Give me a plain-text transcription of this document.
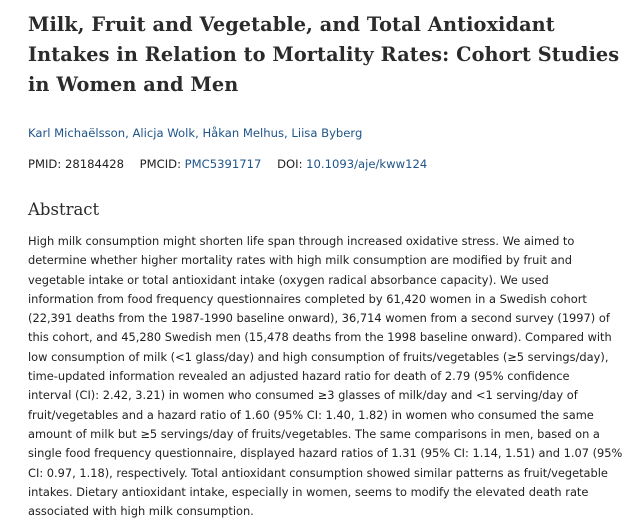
Milk, Fruit and Vegetable, and Total Antioxidant
Intakes in Relation to Mortality Rates: Cohort Studies
in Women and Men
Karl Michaëlsson, Alicja Wolk, Håkan Melhus, Liisa Byberg
PMID: 28184428 PMCID: PMC5391717 DOI: 10.1093/aje/kww124
Abstract
High milk consumption might shorten life span through increased oxidative stress. We aimed to
determine whether higher mortality rates with high milk consumption are modified by fruit and
vegetable intake or total antioxidant intake (oxygen radical absorbance capacity). We used
information from food frequency questionnaires completed by 61,420 women in a Swedish cohort
(22,391 deaths from the 1987-1990 baseline onward), 36,714 women from a second survey (1997) of
this cohort, and 45,280 Swedish men (15,478 deaths from the 1998 baseline onward). Compared with
low consumption of milk (<1 glass/day) and high consumption of fruits/vegetables (≥5 servings/day),
time-updated information revealed an adjusted hazard ratio for death of 2.79 (95% confidence
interval (CI): 2.42, 3.21) in women who consumed ≥3 glasses of milk/day and <1 serving/day of
fruit/vegetables and a hazard ratio of 1.60 (95% CI: 1.40, 1.82) in women who consumed the same
amount of milk but ≥5 servings/day of fruits/vegetables. The same comparisons in men, based on a
single food frequency questionnaire, displayed hazard ratios of 1.31 (95% CI: 1.14, 1.51) and 1.07 (95%
CI: 0.97, 1.18), respectively. Total antioxidant consumption showed similar patterns as fruit/vegetable
intakes. Dietary antioxidant intake, especially in women, seems to modify the elevated death rate
associated with high milk consumption.
